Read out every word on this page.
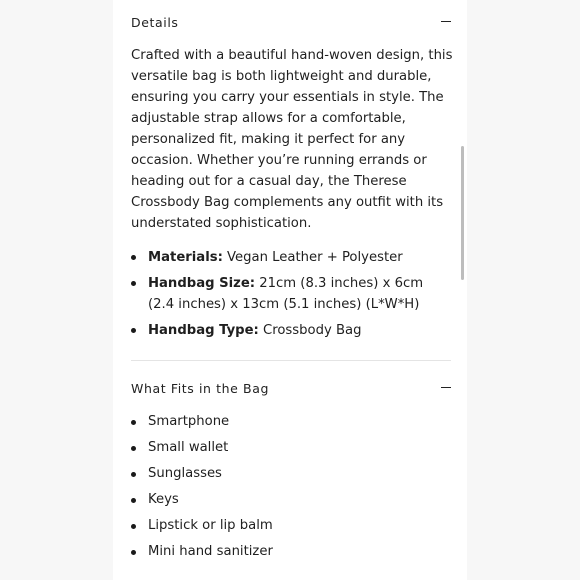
Details

Crafted with a beautiful hand-woven design, this versatile bag is both lightweight and durable, ensuring you carry your essentials in style. The adjustable strap allows for a comfortable, personalized fit, making it perfect for any occasion. Whether you’re running errands or heading out for a casual day, the Therese Crossbody Bag complements any outfit with its understated sophistication.

Materials: Vegan Leather + Polyester
Handbag Size: 21cm (8.3 inches) x 6cm (2.4 inches) x 13cm (5.1 inches) (L*W*H)
Handbag Type: Crossbody Bag
What Fits in the Bag
Smartphone
Small wallet
Sunglasses
Keys
Lipstick or lip balm
Mini hand sanitizer
